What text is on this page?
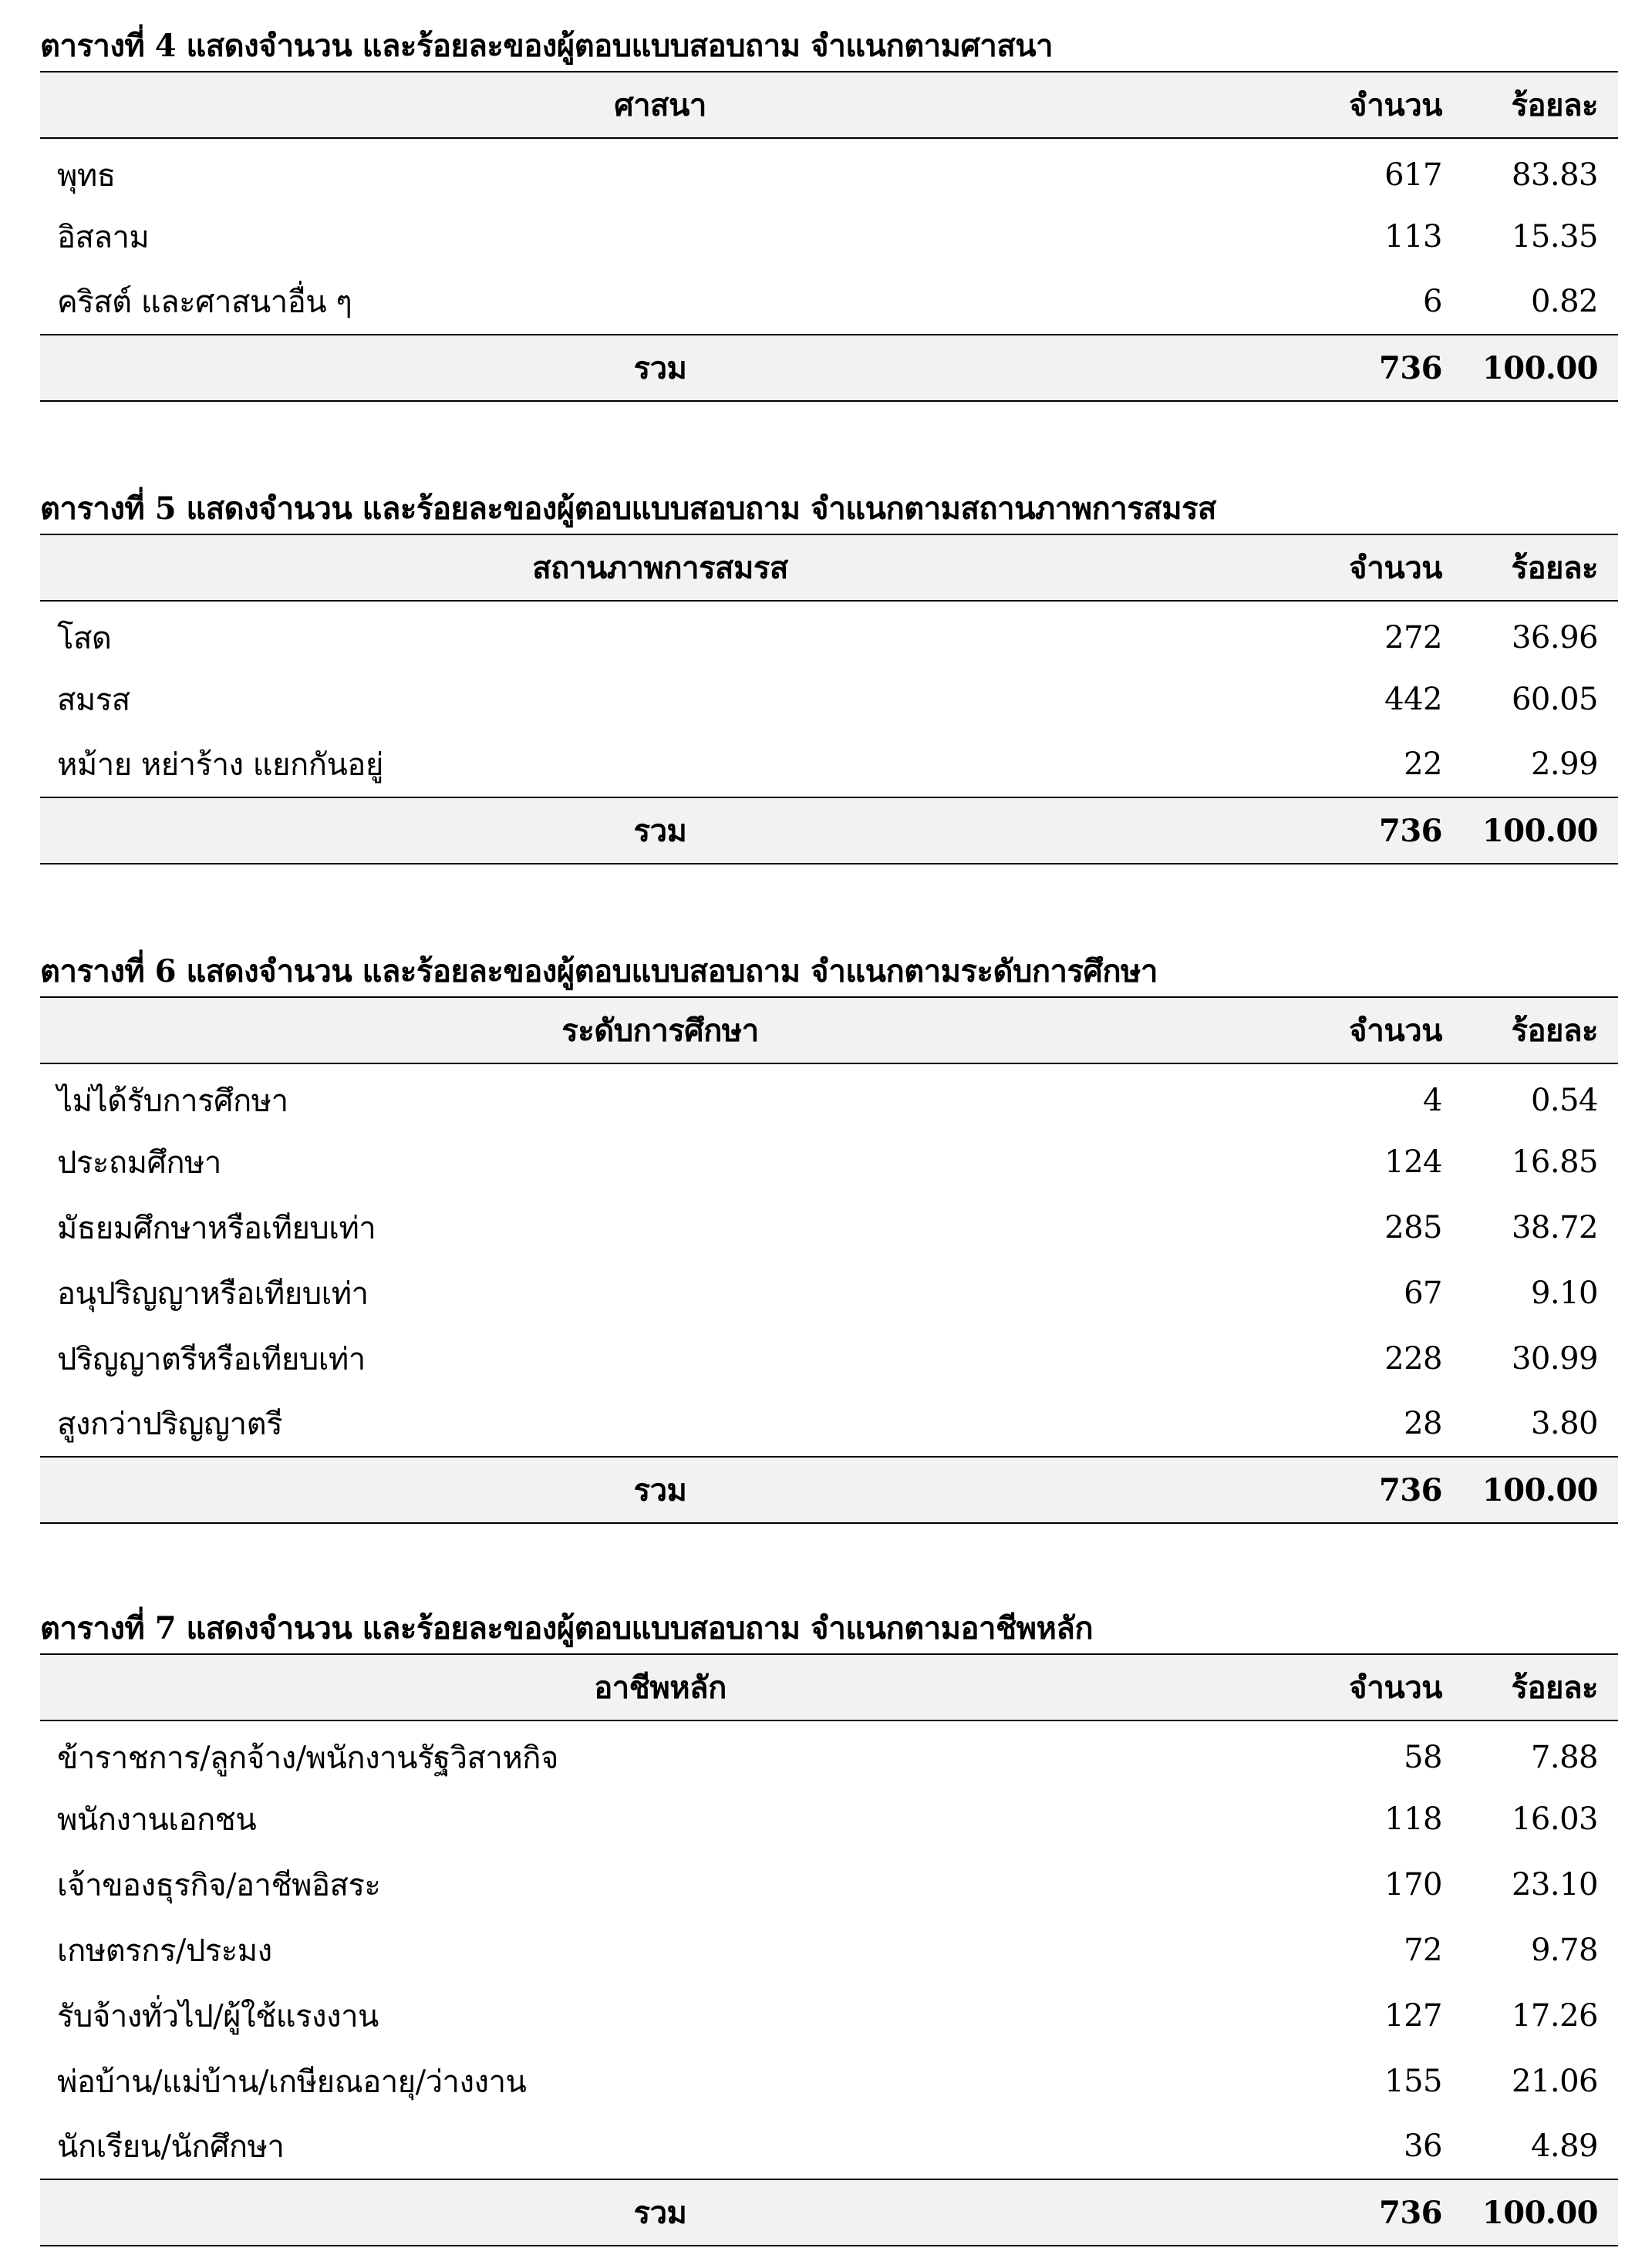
ตารางที่ 4 แสดงจำนวน และร้อยละของผู้ตอบแบบสอบถาม จำแนกตามศาสนา
ศาสนา	จำนวน	ร้อยละ
พุทธ	617	83.83
อิสลาม	113	15.35
คริสต์ และศาสนาอื่น ๆ	6	0.82
รวม	736	100.00
ตารางที่ 5 แสดงจำนวน และร้อยละของผู้ตอบแบบสอบถาม จำแนกตามสถานภาพการสมรส
สถานภาพการสมรส	จำนวน	ร้อยละ
โสด	272	36.96
สมรส	442	60.05
หม้าย หย่าร้าง แยกกันอยู่	22	2.99
รวม	736	100.00
ตารางที่ 6 แสดงจำนวน และร้อยละของผู้ตอบแบบสอบถาม จำแนกตามระดับการศึกษา
ระดับการศึกษา	จำนวน	ร้อยละ
ไม่ได้รับการศึกษา	4	0.54
ประถมศึกษา	124	16.85
มัธยมศึกษาหรือเทียบเท่า	285	38.72
อนุปริญญาหรือเทียบเท่า	67	9.10
ปริญญาตรีหรือเทียบเท่า	228	30.99
สูงกว่าปริญญาตรี	28	3.80
รวม	736	100.00
ตารางที่ 7 แสดงจำนวน และร้อยละของผู้ตอบแบบสอบถาม จำแนกตามอาชีพหลัก
อาชีพหลัก	จำนวน	ร้อยละ
ข้าราชการ/ลูกจ้าง/พนักงานรัฐวิสาหกิจ	58	7.88
พนักงานเอกชน	118	16.03
เจ้าของธุรกิจ/อาชีพอิสระ	170	23.10
เกษตรกร/ประมง	72	9.78
รับจ้างทั่วไป/ผู้ใช้แรงงาน	127	17.26
พ่อบ้าน/แม่บ้าน/เกษียณอายุ/ว่างงาน	155	21.06
นักเรียน/นักศึกษา	36	4.89
รวม	736	100.00
